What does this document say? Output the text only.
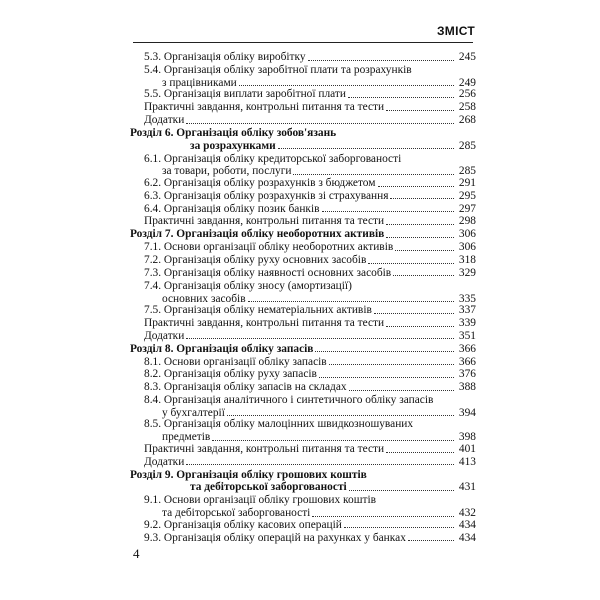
ЗМІСТ
5.3. Організація обліку виробітку	245
5.4. Організація обліку заробітної плати та розрахунків
з працівниками	249
5.5. Організація виплати заробітної плати	256
Практичні завдання, контрольні питання та тести	258
Додатки	268
Розділ 6. Організація обліку зобов'язань
за розрахунками	285
6.1. Організація обліку кредиторської заборгованості
за товари, роботи, послуги	285
6.2. Організація обліку розрахунків з бюджетом	291
6.3. Організація обліку розрахунків зі страхування	295
6.4. Організація обліку позик банків	297
Практичні завдання, контрольні питання та тести	298
Розділ 7. Організація обліку необоротних активів	306
7.1. Основи організації обліку необоротних активів	306
7.2. Організація обліку руху основних засобів	318
7.3. Організація обліку наявності основних засобів	329
7.4. Організація обліку зносу (амортизації)
основних засобів	335
7.5. Організація обліку нематеріальних активів	337
Практичні завдання, контрольні питання та тести	339
Додатки	351
Розділ 8. Організація обліку запасів	366
8.1. Основи організації обліку запасів	366
8.2. Організація обліку руху запасів	376
8.3. Організація обліку запасів на складах	388
8.4. Організація аналітичного і синтетичного обліку запасів
у бухгалтерії	394
8.5. Організація обліку малоцінних швидкозношуваних
предметів	398
Практичні завдання, контрольні питання та тести	401
Додатки	413
Розділ 9. Організація обліку грошових коштів
та дебіторської заборгованості	431
9.1. Основи організації обліку грошових коштів
та дебіторської заборгованості	432
9.2. Організація обліку касових операцій	434
9.3. Організація обліку операцій на рахунках у банках	434
4
